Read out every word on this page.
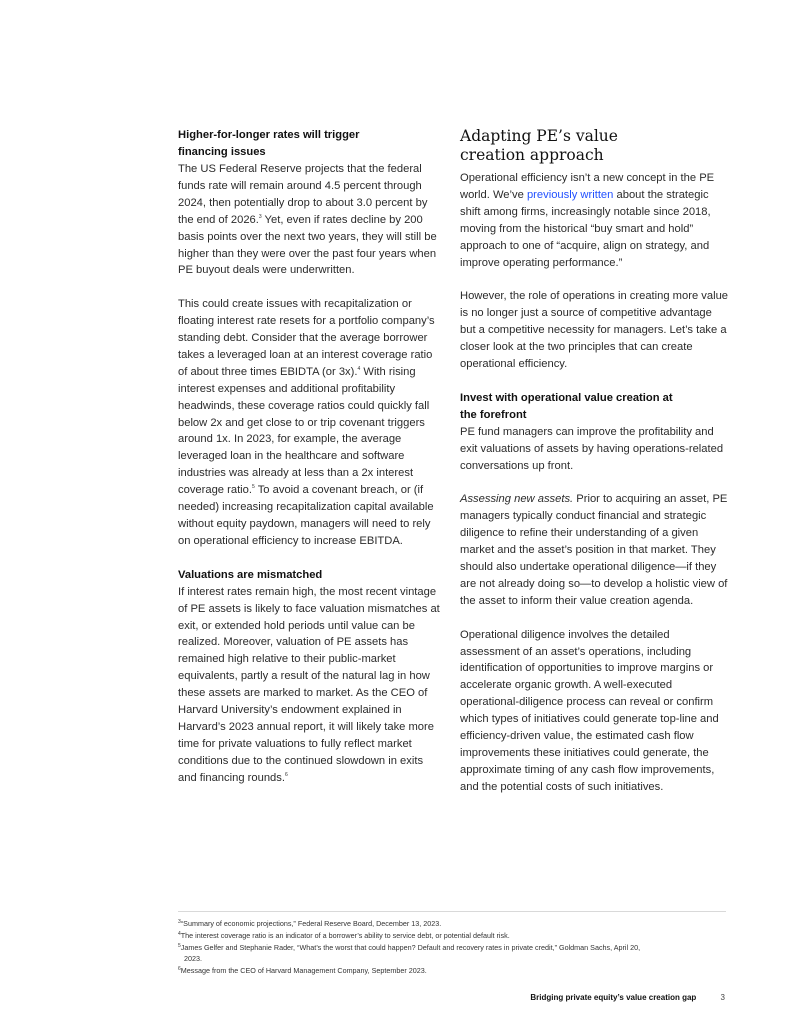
Higher-for-longer rates will trigger
financing issues

The US Federal Reserve projects that the federal funds rate will remain around 4.5 percent through 2024, then potentially drop to about 3.0 percent by the end of 2026.$^3$ Yet, even if rates decline by 200 basis points over the next two years, they will still be higher than they were over the past four years when PE buyout deals were underwritten.

This could create issues with recapitalization or floating interest rate resets for a portfolio company’s standing debt. Consider that the average borrower takes a leveraged loan at an interest coverage ratio of about three times EBIDTA (or 3x).$^4$ With rising interest expenses and additional profitability headwinds, these coverage ratios could quickly fall below 2x and get close to or trip covenant triggers around 1x. In 2023, for example, the average leveraged loan in the healthcare and software industries was already at less than a 2x interest coverage ratio.$^5$ To avoid a covenant breach, or (if needed) increasing recapitalization capital available without equity paydown, managers will need to rely on operational efficiency to increase EBITDA.

Valuations are mismatched

If interest rates remain high, the most recent vintage of PE assets is likely to face valuation mismatches at exit, or extended hold periods until value can be realized. Moreover, valuation of PE assets has remained high relative to their public-market equivalents, partly a result of the natural lag in how these assets are marked to market. As the CEO of Harvard University’s endowment explained in Harvard’s 2023 annual report, it will likely take more time for private valuations to fully reflect market conditions due to the continued slowdown in exits and financing rounds.$^6$

Adapting PE’s value
creation approach

Operational efficiency isn’t a new concept in the PE world. We’ve previously written about the strategic shift among firms, increasingly notable since 2018, moving from the historical “buy smart and hold” approach to one of “acquire, align on strategy, and improve operating performance.”

However, the role of operations in creating more value is no longer just a source of competitive advantage but a competitive necessity for managers. Let’s take a closer look at the two principles that can create operational efficiency.

Invest with operational value creation at
the forefront

PE fund managers can improve the profitability and exit valuations of assets by having operations-related conversations up front.

Assessing new assets. Prior to acquiring an asset, PE managers typically conduct financial and strategic diligence to refine their understanding of a given market and the asset’s position in that market. They should also undertake operational diligence—if they are not already doing so—to develop a holistic view of the asset to inform their value creation agenda.

Operational diligence involves the detailed assessment of an asset’s operations, including identification of opportunities to improve margins or accelerate organic growth. A well-executed operational-diligence process can reveal or confirm which types of initiatives could generate top-line and efficiency-driven value, the estimated cash flow improvements these initiatives could generate, the approximate timing of any cash flow improvements, and the potential costs of such initiatives.

$^3$“Summary of economic projections,” Federal Reserve Board, December 13, 2023.

$^4$The interest coverage ratio is an indicator of a borrower’s ability to service debt, or potential default risk.

$^5$James Gelfer and Stephanie Rader, “What’s the worst that could happen? Default and recovery rates in private credit,” Goldman Sachs, April 20,

2023.

$^6$Message from the CEO of Harvard Management Company, September 2023.

Bridging private equity’s value creation gap	3
